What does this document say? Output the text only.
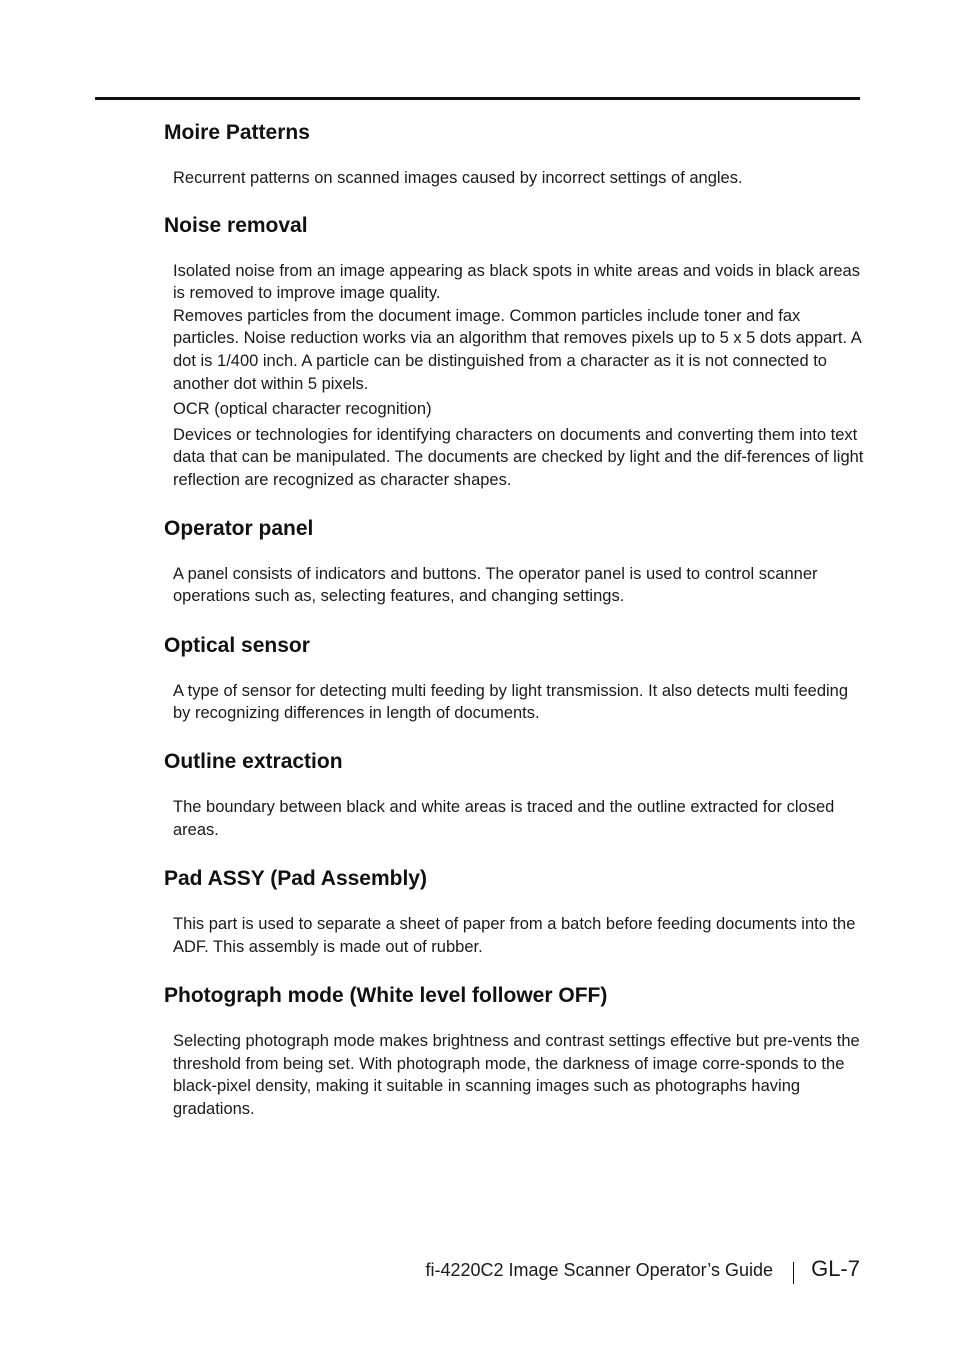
Moire Patterns

Recurrent patterns on scanned images caused by incorrect settings of angles.

Noise removal

Isolated noise from an image appearing as black spots in white areas and voids in black areas is removed to improve image quality.

Removes particles from the document image. Common particles include toner and fax particles. Noise reduction works via an algorithm that removes pixels up to 5 x 5 dots appart. A dot is 1/400 inch. A particle can be distinguished from a character as it is not connected to another dot within 5 pixels.

OCR (optical character recognition)

Devices or technologies for identifying characters on documents and converting them into text data that can be manipulated. The documents are checked by light and the dif-ferences of light reflection are recognized as character shapes.

Operator panel

A panel consists of indicators and buttons. The operator panel is used to control scanner operations such as, selecting features, and changing settings.

Optical sensor

A type of sensor for detecting multi feeding by light transmission. It also detects multi feeding by recognizing differences in length of documents.

Outline extraction

The boundary between black and white areas is traced and the outline extracted for closed areas.

Pad ASSY (Pad Assembly)

This part is used to separate a sheet of paper from a batch before feeding documents into the ADF. This assembly is made out of rubber.

Photograph mode (White level follower OFF)

Selecting photograph mode makes brightness and contrast settings effective but pre-vents the threshold from being set. With photograph mode, the darkness of image corre-sponds to the black-pixel density, making it suitable in scanning images such as photographs having gradations.

fi-4220C2 Image Scanner Operator’s Guide GL-7
